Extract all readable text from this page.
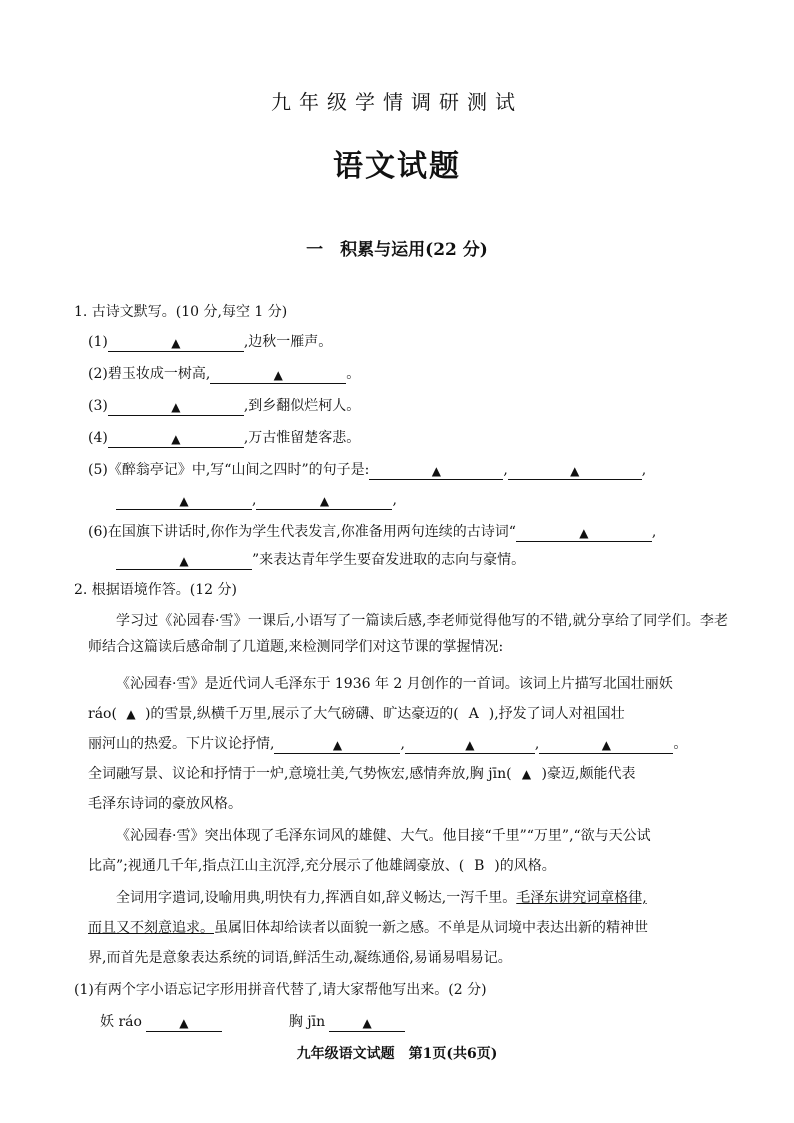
九年级学情调研测试
语文试题
一　积累与运用(22 分)
1. 古诗文默写。(10 分,每空 1 分)
(1)	▲	,边秋一雁声。
(2)碧玉妆成一树高,	▲	。
(3)	▲	,到乡翻似烂柯人。
(4)	▲	,万古惟留楚客悲。
(5)《醉翁亭记》中,写“山间之四时”的句子是:	▲	,	▲	,
▲	,	▲	,
(6)在国旗下讲话时,你作为学生代表发言,你准备用两句连续的古诗词“	▲	,
▲	”来表达青年学生要奋发进取的志向与豪情。
2. 根据语境作答。(12 分)
学习过《沁园春·雪》一课后,小语写了一篇读后感,李老师觉得他写的不错,就分享给了同学们。李老师结合这篇读后感命制了几道题,来检测同学们对这节课的掌握情况:
《沁园春·雪》是近代词人毛泽东于 1936 年 2 月创作的一首词。该词上片描写北国壮丽妖
ráo( ▲ )的雪景,纵横千万里,展示了大气磅礴、旷达豪迈的( A ),抒发了词人对祖国壮
丽河山的热爱。下片议论抒情,	▲	,	▲	,	▲	。
全词融写景、议论和抒情于一炉,意境壮美,气势恢宏,感情奔放,胸 jīn( ▲ )豪迈,颇能代表
毛泽东诗词的豪放风格。
《沁园春·雪》突出体现了毛泽东词风的雄健、大气。他目接“千里”“万里”,“欲与天公试
比高”;视通几千年,指点江山主沉浮,充分展示了他雄阔豪放、( B )的风格。
全词用字遣词,设喻用典,明快有力,挥洒自如,辞义畅达,一泻千里。毛泽东讲究词章格律,
而且又不刻意追求。虽属旧体却给读者以面貌一新之感。不单是从词境中表达出新的精神世
界,而首先是意象表达系统的词语,鲜活生动,凝练通俗,易诵易唱易记。
(1)有两个字小语忘记字形用拼音代替了,请大家帮他写出来。(2 分)
妖 ráo	▲	胸 jīn	▲
九年级语文试题　第1页(共6页)
